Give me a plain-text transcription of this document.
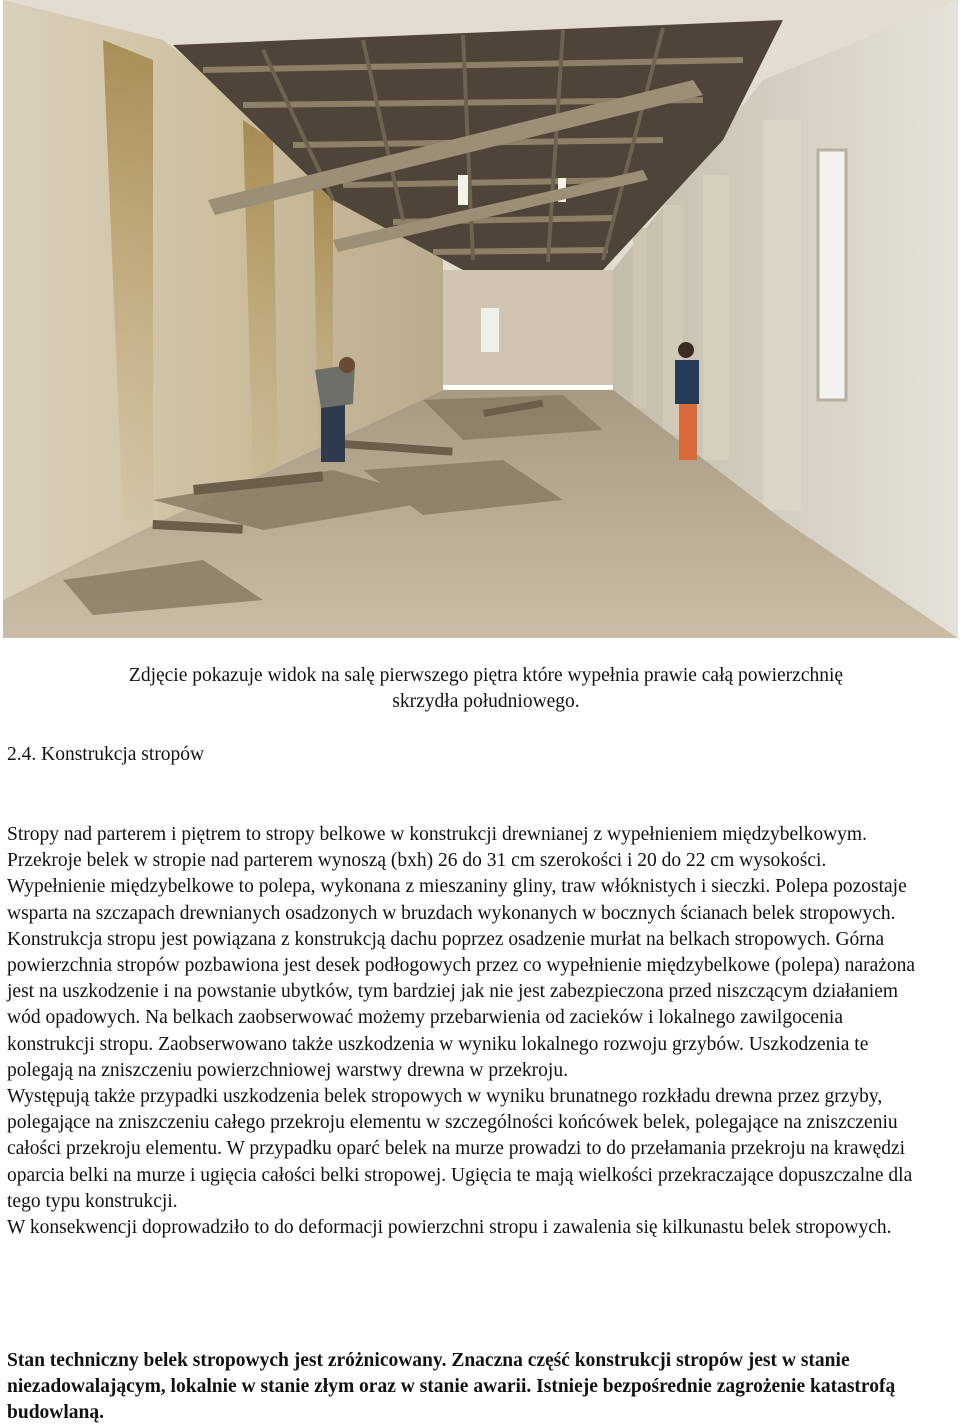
Zdjęcie pokazuje widok na salę pierwszego piętra które wypełnia prawie całą powierzchnię
skrzydła południowego.
2.4. Konstrukcja stropów

Stropy nad parterem i piętrem to stropy belkowe w konstrukcji drewnianej z wypełnieniem międzybelkowym. Przekroje belek w stropie nad parterem wynoszą (bxh) 26 do 31 cm szerokości i 20 do 22 cm wysokości. Wypełnienie międzybelkowe to polepa, wykonana z mieszaniny gliny, traw włóknistych i sieczki. Polepa pozostaje wsparta na szczapach drewnianych osadzonych w bruzdach wykonanych w bocznych ścianach belek stropowych. Konstrukcja stropu jest powiązana z konstrukcją dachu poprzez osadzenie murłat na belkach stropowych. Górna powierzchnia stropów pozbawiona jest desek podłogowych przez co wypełnienie międzybelkowe (polepa) narażona jest na uszkodzenie i na powstanie ubytków, tym bardziej jak nie jest zabezpieczona przed niszczącym działaniem wód opadowych. Na belkach zaobserwować możemy przebarwienia od zacieków i lokalnego zawilgocenia konstrukcji stropu. Zaobserwowano także uszkodzenia w wyniku lokalnego rozwoju grzybów. Uszkodzenia te polegają na zniszczeniu powierzchniowej warstwy drewna w przekroju.

Występują także przypadki uszkodzenia belek stropowych w wyniku brunatnego rozkładu drewna przez grzyby, polegające na zniszczeniu całego przekroju elementu w szczególności końcówek belek, polegające na zniszczeniu całości przekroju elementu. W przypadku oparć belek na murze prowadzi to do przełamania przekroju na krawędzi oparcia belki na murze i ugięcia całości belki stropowej. Ugięcia te mają wielkości przekraczające dopuszczalne dla tego typu konstrukcji.

W konsekwencji doprowadziło to do deformacji powierzchni stropu i zawalenia się kilkunastu belek stropowych.

Stan techniczny belek stropowych jest zróżnicowany. Znaczna część konstrukcji stropów jest w stanie niezadowalającym, lokalnie w stanie złym oraz w stanie awarii. Istnieje bezpośrednie zagrożenie katastrofą budowlaną.
